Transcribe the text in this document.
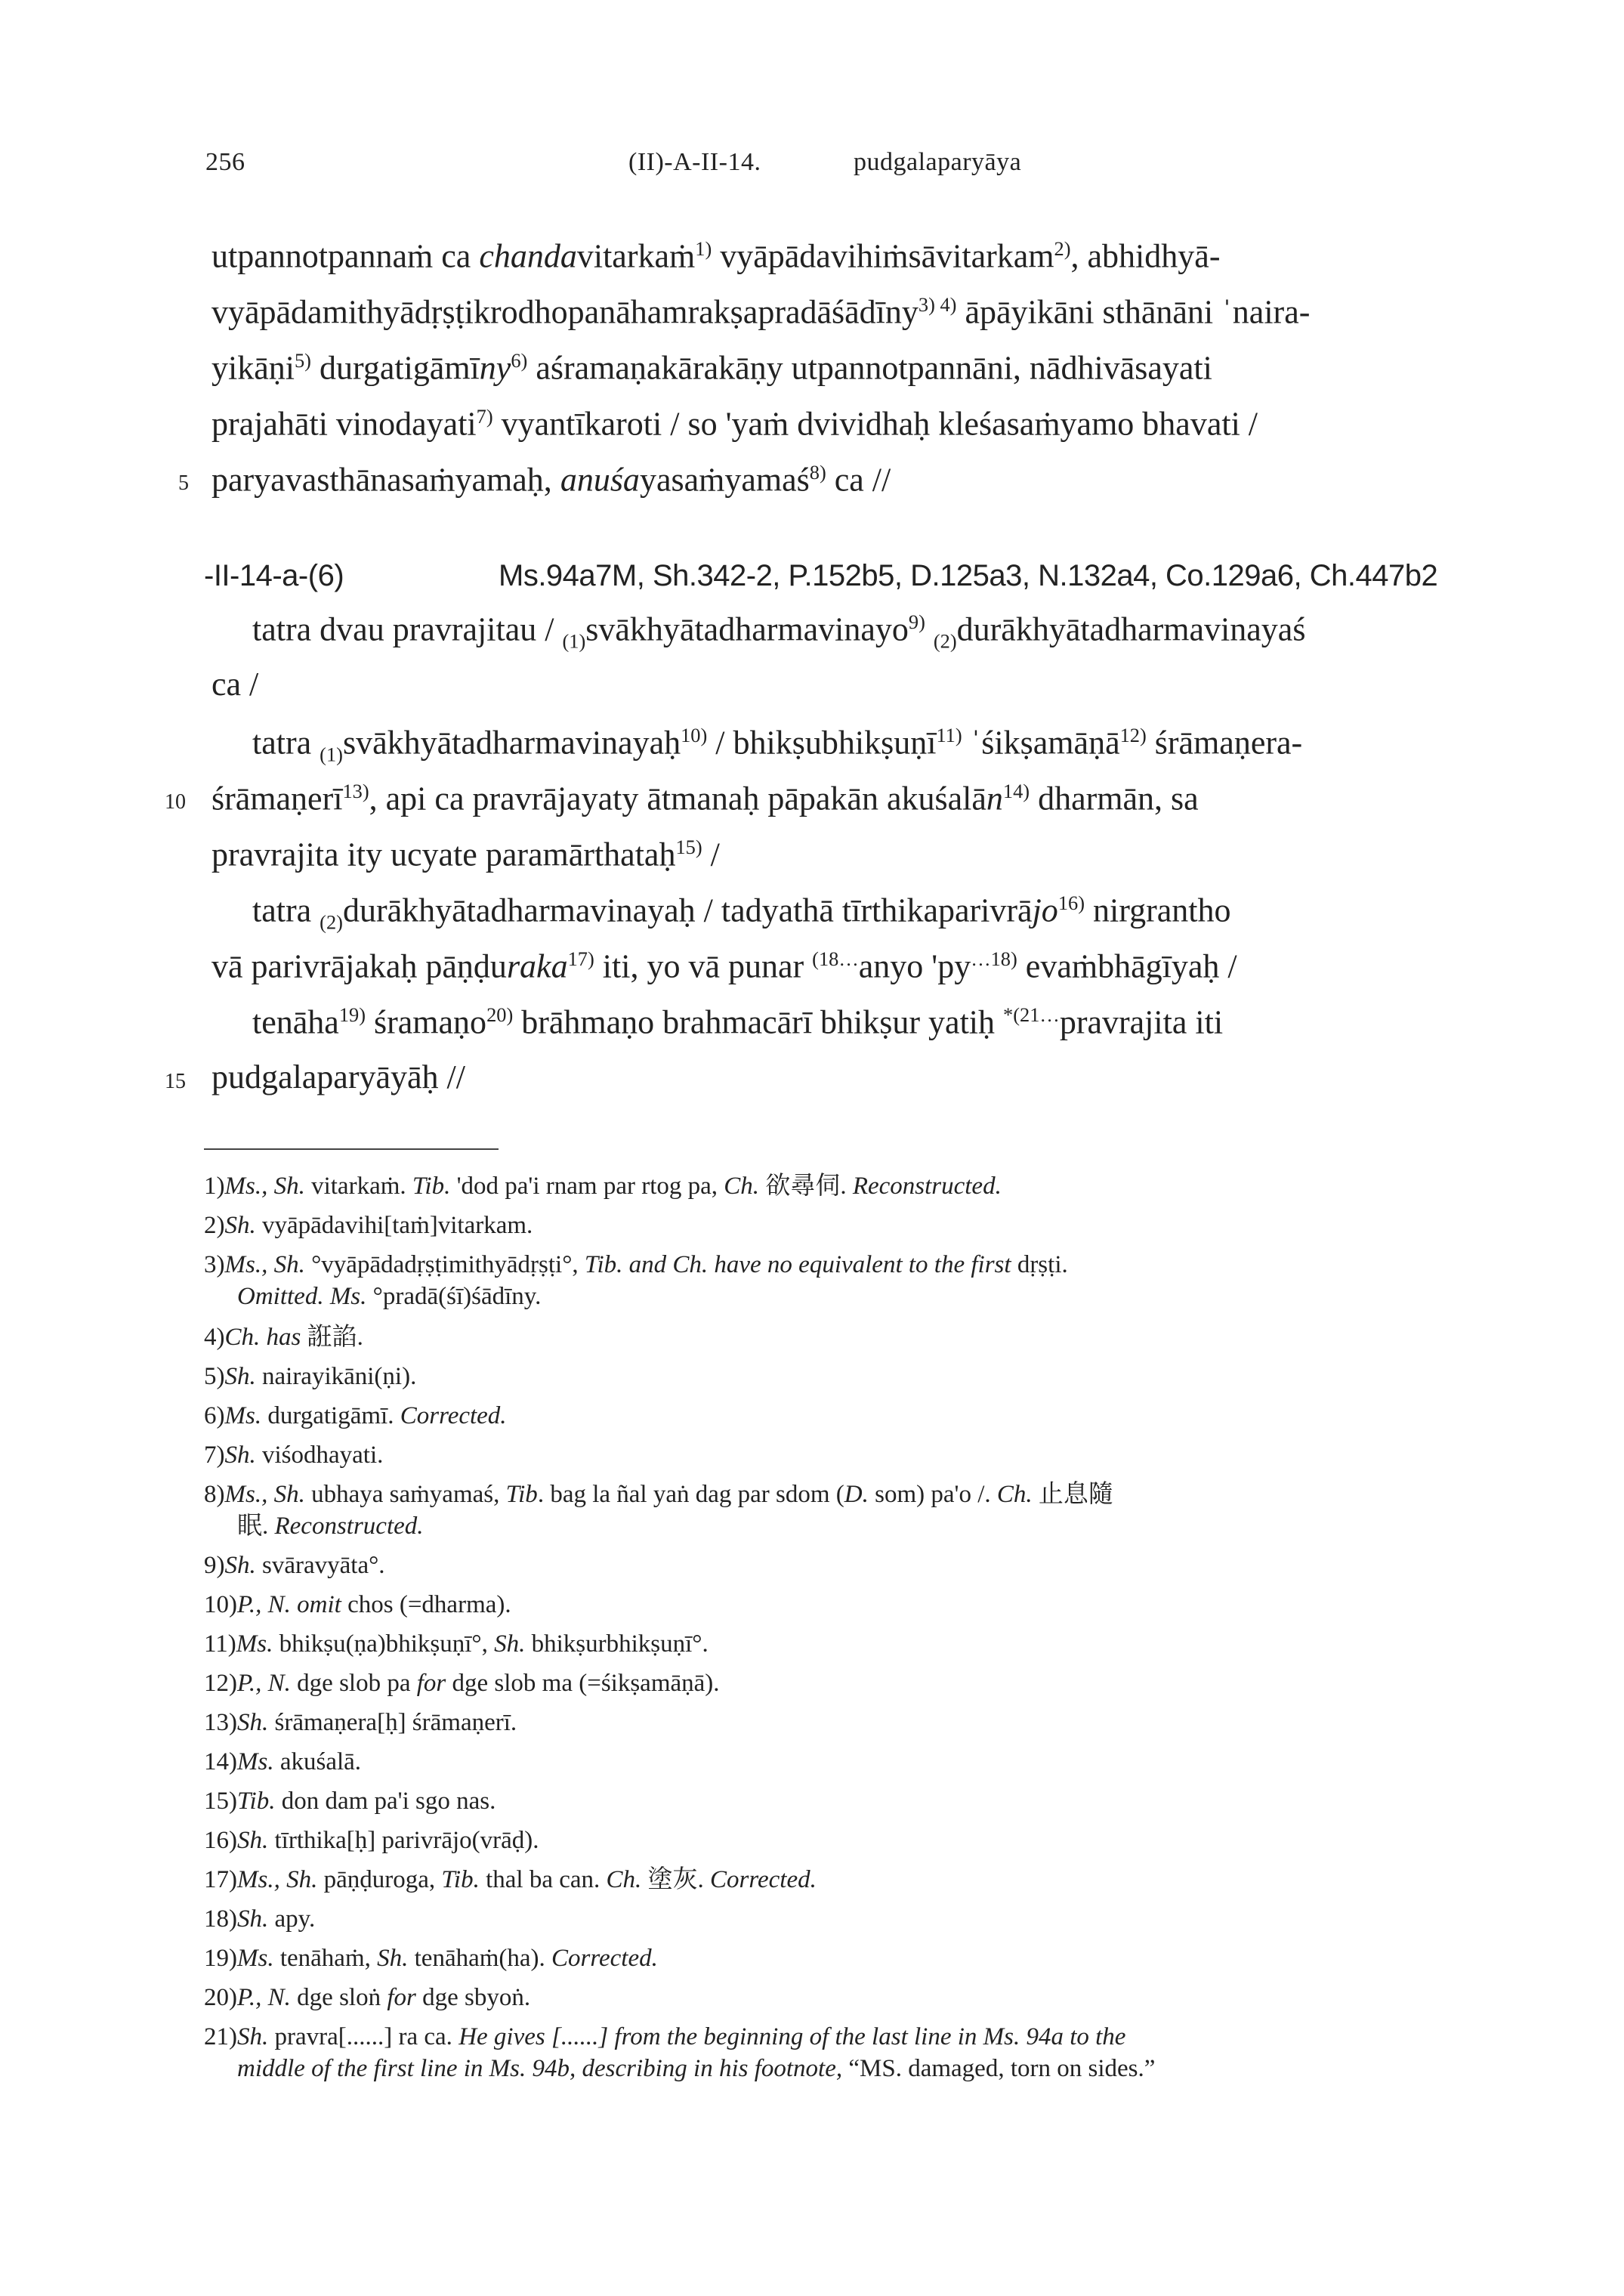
256	(II)-A-II-14.	pudgalaparyāya
utpannotpannaṁ ca chandavitarkaṁ$^{1)}$ vyāpādavihiṁsāvitarkam$^{2)}$, abhidhyā-
vyāpādamithyādṛṣṭikrodhopanāhamrakṣapradāśādīny$^{3) 4)}$ āpāyikāni sthānāni ˈnaira-
yikāṇi$^{5)}$ durgatigāmīny$^{6)}$ aśramaṇakārakāṇy utpannotpannāni, nādhivāsayati
prajahāti vinodayati$^{7)}$ vyantīkaroti / so 'yaṁ dvividhaḥ kleśasaṁyamo bhavati /
paryavasthānasaṁyamaḥ, anuśayasaṁyamaś$^{8)}$ ca //
5
-II-14-a-(6)	Ms.94a7M, Sh.342-2, P.152b5, D.125a3, N.132a4, Co.129a6, Ch.447b2
tatra dvau pravrajitau / $_{(1)}$svākhyātadharmavinayo$^{9)}$ $_{(2)}$durākhyātadharmavinayaś
ca /
tatra $_{(1)}$svākhyātadharmavinayaḥ$^{10)}$ / bhikṣubhikṣuṇī$^{11)}$ ˈśikṣamāṇā$^{12)}$ śrāmaṇera-
śrāmaṇerī$^{13)}$, api ca pravrājayaty ātmanaḥ pāpakān akuśalān$^{14)}$ dharmān, sa
10
pravrajita ity ucyate paramārthataḥ$^{15)}$ /
tatra $_{(2)}$durākhyātadharmavinayaḥ / tadyathā tīrthikaparivrājo$^{16)}$ nirgrantho
vā parivrājakaḥ pāṇḍuraka$^{17)}$ iti, yo vā punar $^{(18\dots}$anyo '$py^{\dots 18)}$ evaṁbhāgīyaḥ /
tenāha$^{19)}$ śramaṇo$^{20)}$ brāhmaṇo brahmacārī bhikṣur yatiḥ $^{*(21\dots}$pravrajita iti
pudgalaparyāyāḥ //
15
1)Ms., Sh. vitarkaṁ. Tib. 'dod pa'i rnam par rtog pa, Ch. 欲尋伺. Reconstructed.
2)Sh. vyāpādavihi[taṁ]vitarkam.
3)Ms., Sh. °vyāpādadṛṣṭimithyādṛṣṭi°, Tib. and Ch. have no equivalent to the first dṛṣṭi.
Omitted. Ms. °pradā(śī)śādīny.
4)Ch. has 誑諂.
5)Sh. nairayikāni(ṇi).
6)Ms. durgatigāmī. Corrected.
7)Sh. viśodhayati.
8)Ms., Sh. ubhaya saṁyamaś, Tib. bag la ñal yaṅ dag par sdom (D. som) pa'o /. Ch. 止息隨
眠. Reconstructed.
9)Sh. svāravyāta°.
10)P., N. omit chos (=dharma).
11)Ms. bhikṣu(ṇa)bhikṣuṇī°, Sh. bhikṣurbhikṣuṇī°.
12)P., N. dge slob pa for dge slob ma (=śikṣamāṇā).
13)Sh. śrāmaṇera[ḥ] śrāmaṇerī.
14)Ms. akuśalā.
15)Tib. don dam pa'i sgo nas.
16)Sh. tīrthika[ḥ] parivrājo(vrāḍ).
17)Ms., Sh. pāṇḍuroga, Tib. thal ba can. Ch. 塗灰. Corrected.
18)Sh. apy.
19)Ms. tenāhaṁ, Sh. tenāhaṁ(ha). Corrected.
20)P., N. dge sloṅ for dge sbyoṅ.
21)Sh. pravra[......] ra ca. He gives [......] from the beginning of the last line in Ms. 94a to the
middle of the first line in Ms. 94b, describing in his footnote, “MS. damaged, torn on sides.”
